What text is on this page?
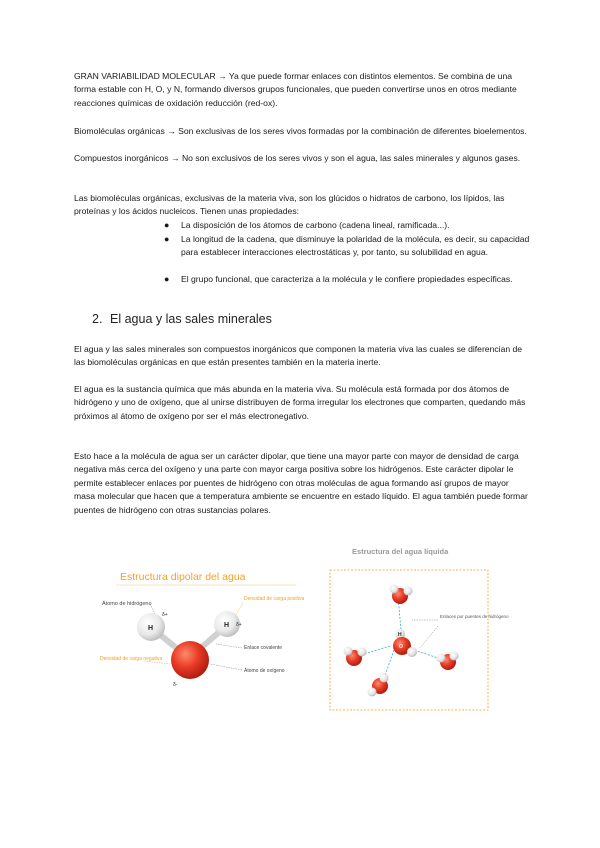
GRAN VARIABILIDAD MOLECULAR → Ya que puede formar enlaces con distintos elementos. Se combina de una forma estable con H, O, y N, formando diversos grupos funcionales, que pueden convertirse unos en otros mediante reacciones químicas de oxidación reducción (red-ox).

Biomoléculas orgánicas → Son exclusivas de los seres vivos formadas por la combinación de diferentes bioelementos.

Compuestos inorgánicos → No son exclusivos de los seres vivos y son el agua, las sales minerales y algunos gases.

Las biomoléculas orgánicas, exclusivas de la materia viva, son los glúcidos o hidratos de carbono, los lípidos, las proteínas y los ácidos nucleicos. Tienen unas propiedades:

● La disposición de los átomos de carbono (cadena lineal, ramificada...).

● La longitud de la cadena, que disminuye la polaridad de la molécula, es decir, su capacidad para establecer interacciones electrostáticas y, por tanto, su solubilidad en agua.

● El grupo funcional, que caracteriza a la molécula y le confiere propiedades específicas.

2. El agua y las sales minerales

El agua y las sales minerales son compuestos inorgánicos que componen la materia viva las cuales se diferencian de las biomoléculas orgánicas en que están presentes también en la materia inerte.

El agua es la sustancia química que más abunda en la materia viva. Su molécula está formada por dos átomos de hidrógeno y uno de oxígeno, que al unirse distribuyen de forma irregular los electrones que comparten, quedando más próximos al átomo de oxígeno por ser el más electronegativo.

Esto hace a la molécula de agua ser un carácter dipolar, que tiene una mayor parte con mayor de densidad de carga negativa más cerca del oxígeno y una parte con mayor carga positiva sobre los hidrógenos. Este carácter dipolar le permite establecer enlaces por puentes de hidrógeno con otras moléculas de agua formando así grupos de mayor masa molecular que hacen que a temperatura ambiente se encuentre en estado líquido. El agua también puede formar puentes de hidrógeno con otras sustancias polares.

Estructura dipolar del agua
Átomo de hidrógeno
Densidad de carga positiva
H	H
δ+
δ+
δ-
Enlace covalente
Densidad de carga negativa
Átomo de oxígeno
Estructura del agua líquida
Enlaces por puentes de hidrógeno
H
O
